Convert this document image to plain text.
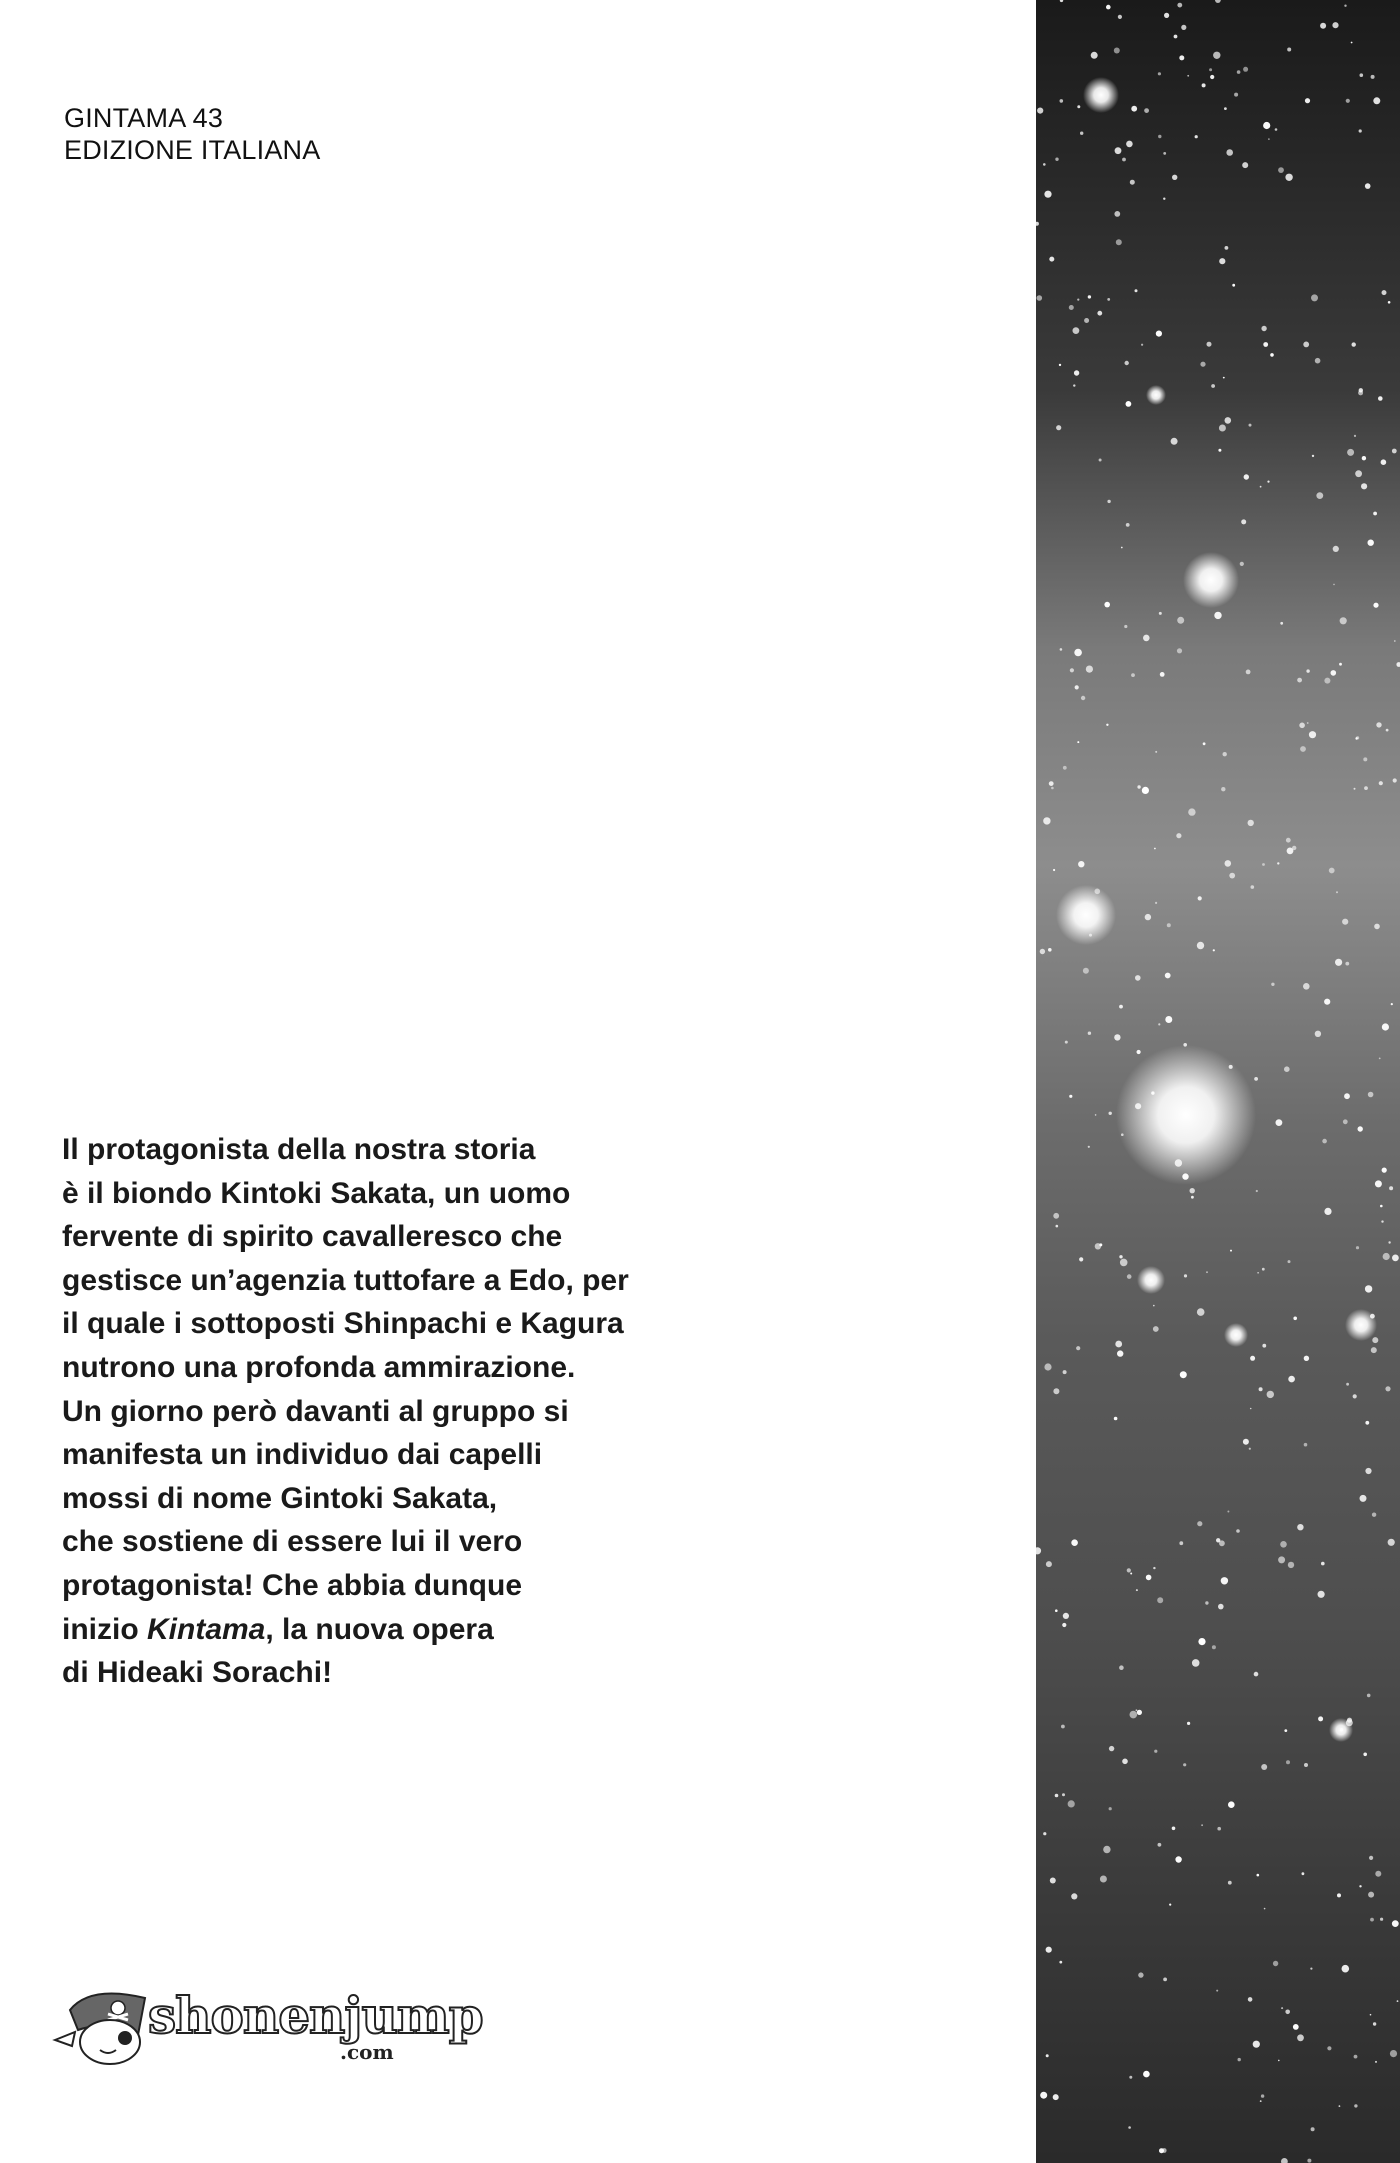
GINTAMA 43
EDIZIONE ITALIANA
Il protagonista della nostra storia
è il biondo Kintoki Sakata, un uomo
fervente di spirito cavalleresco che
gestisce un’agenzia tuttofare a Edo, per
il quale i sottoposti Shinpachi e Kagura
nutrono una profonda ammirazione.
Un giorno però davanti al gruppo si
manifesta un individuo dai capelli
mossi di nome Gintoki Sakata,
che sostiene di essere lui il vero
protagonista! Che abbia dunque
inizio Kintama, la nuova opera
di Hideaki Sorachi!
shonenjump
.com
